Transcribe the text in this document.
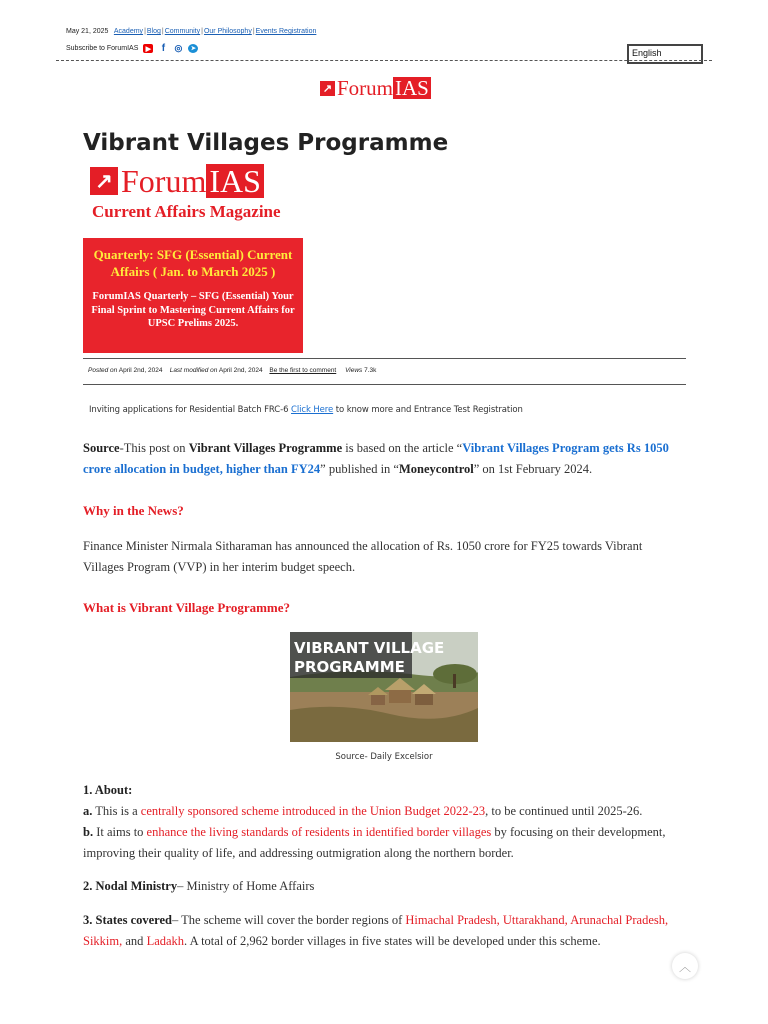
May 21, 2025 Academy|Blog|Community|Our Philosophy|Events Registration
Subscribe to ForumIAS	▶	f	◎	➤	English
↗ Forum IAS
Vibrant Villages Programme
↗ Forum IAS
Current Affairs Magazine
Quarterly: SFG (Essential) Current Affairs ( Jan. to March 2025 )
ForumIAS Quarterly – SFG (Essential) Your Final Sprint to Mastering Current Affairs for UPSC Prelims 2025.
Posted on April 2nd, 2024 Last modified on April 2nd, 2024 Be the first to comment Views 7.3k
Inviting applications for Residential Batch FRC-6 Click Here to know more and Entrance Test Registration

Source-This post on Vibrant Villages Programme is based on the article “Vibrant Villages Program gets Rs 1050 crore allocation in budget, higher than FY24” published in “Moneycontrol” on 1st February 2024.

Why in the News?

Finance Minister Nirmala Sitharaman has announced the allocation of Rs. 1050 crore for FY25 towards Vibrant Villages Program (VVP) in her interim budget speech.

What is Vibrant Village Programme?
VIBRANT VILLAGE
PROGRAMME
Source- Daily Excelsior

1. About:
a. This is a centrally sponsored scheme introduced in the Union Budget 2022-23, to be continued until 2025-26.
b. It aims to enhance the living standards of residents in identified border villages by focusing on their development, improving their quality of life, and addressing outmigration along the northern border.

2. Nodal Ministry– Ministry of Home Affairs

3. States covered– The scheme will cover the border regions of Himachal Pradesh, Uttarakhand, Arunachal Pradesh, Sikkim, and Ladakh. A total of 2,962 border villages in five states will be developed under this scheme.

︿
